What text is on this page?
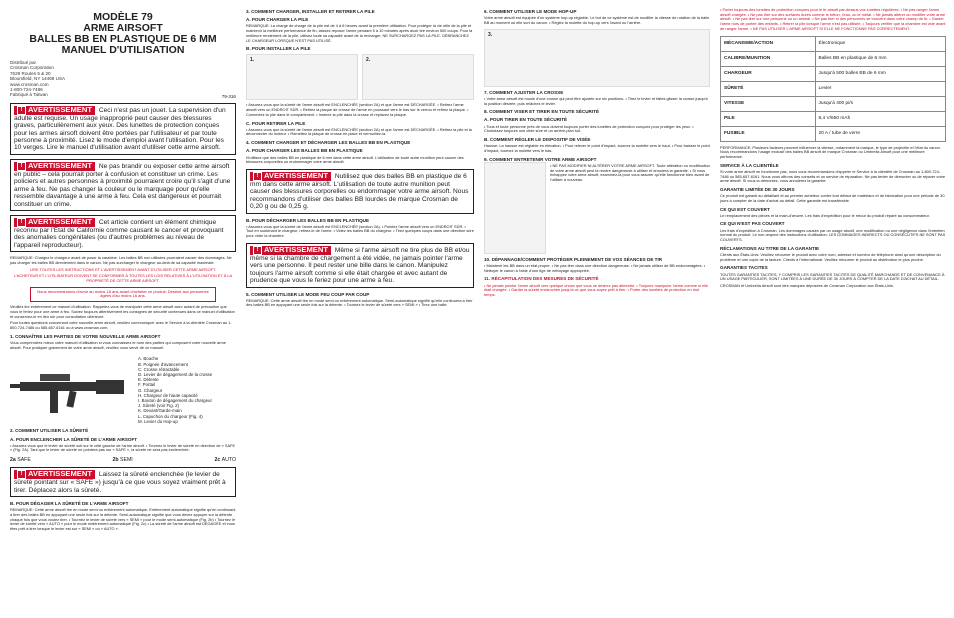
MODÈLE 79
ARME AIRSOFT
BALLES BB EN PLASTIQUE DE 6 MM
MANUEL D'UTILISATION
Distribué par
Crosman Corporation
7629 Routes 5 & 20
Bloomfield, NY 14469 USA
www.crosman.com
1-800-724-7486
Fabriqué à Taïwan	79-316
! AVERTISSEMENT Ceci n'est pas un jouet. La supervision d'un adulte est requise. Un usage inapproprié peut causer des blessures graves, particulièrement aux yeux. Des lunettes de protection conçues pour les armes airsoft doivent être portées par l'utilisateur et par toute personne à proximité. Lisez le mode d'emploi avant l'utilisation. Pour les 10 verges. Lire le manuel d'utilisation avant d'utiliser cette arme airsoft.
! AVERTISSEMENT Ne pas brandir ou exposer cette arme airsoft en public – cela pourrait porter à confusion et constituer un crime. Les policiers et autres personnes à proximité pourraient croire qu'il s'agit d'une arme à feu. Ne pas changer la couleur ou le marquage pour qu'elle ressemble davantage à une arme à feu. Cela est dangereux et pourrait constituer un crime.
! AVERTISSEMENT Cet article contient un élément chimique reconnu par l'État de Californie comme causant le cancer et provoquant des anomalies congénitales (ou d'autres problèmes au niveau de l'appareil reproducteur).
REMARQUE: Chargez le chargeur avant de poser la carabine. Les balles BB non utilisées pourraient causer des dommages. Ne pas charger les balles BB directement dans le canon. Ne pas surcharger le chargeur au-delà de sa capacité maximale.
LIRE TOUTES LES INSTRUCTIONS ET L'AVERTISSEMENT AVANT D'UTILISER CETTE ARME AIRSOFT.
L'ACHETEUR ET L'UTILISATEUR DOIVENT SE CONFORMER À TOUTES LES LOIS RELATIVES À L'UTILISATION ET À LA PROPRIÉTÉ DE CETTE ARME AIRSOFT.
Nous recommandons d'avoir au moins 18 ans avant d'acheter ce produit. Destiné aux personnes âgées d'au moins 16 ans.
Veuillez lire entièrement ce manuel d'utilisation. Rappelez-vous de manipuler cette arme airsoft avec autant de précaution que vous le feriez pour une arme à feu. Suivez toujours attentivement les consignes de sécurité contenues dans ce manuel d'utilisation et conservez-le en lieu sûr pour consultation ultérieure.
Pour toutes questions concernant votre nouvelle arme airsoft, veuillez communiquer avec le Service à la clientèle Crosman au 1-800-724-7486 ou 585-657-6161 ou à www.crosman.com.
1. CONNAÎTRE LES PARTIES DE VOTRE NOUVELLE ARME AIRSOFT
Vous comprendrez mieux votre manuel d'utilisation si vous connaissez le nom des parties qui composent votre nouvelle arme airsoft. Pour pratiquer gravement de votre arme airsoft, veuillez vous servir de ce manuel.
A. Bouche
B. Poignée d'avancement
C. Crosse rétractable
D. Levier de dégagement de la crosse
E. Détente
F. Portail
G. Chargeur
H. Chargeur de haute capacité
I. Bouton de dégagement du chargeur
J. Sûreté (voir Fig. 2)
K. Devant/Garde-main
L. Capuchon du chargeur (Fig. 4)
M. Levier du Hop-up
2. COMMENT UTILISER LA SÛRETÉ
A. POUR ENCLENCHER LA SÛRETÉ DE L'ARME AIRSOFT
• Assurez-vous que le levier de sûreté soit sur le côté gauche de l'arme airsoft. • Tournez le levier de sûreté en direction de « SAFE » (Fig. 2A). Tant que le levier de sûreté ne pointera pas sur « SAFE », la sûreté ne sera pas enclenchée.
2a SAFE	2b SEMI	2c AUTO
! AVERTISSEMENT Laissez la sûreté enclenchée (le levier de sûreté pointant sur « SAFE ») jusqu'à ce que vous soyez vraiment prêt à tirer. Déplacez alors la sûreté.
B. POUR DÉGAGER LA SÛRETÉ DE L'ARME AIRSOFT
REMARQUE: Cette arme airsoft tire en mode semi ou entièrement automatique. Entièrement automatique signifie qu'en continuant à tirer des balles BB en appuyant une seule fois sur la détente. Semi-automatique signifie que vous devez appuyer sur la détente chaque fois que vous voulez tirer. • Tournez le levier de sûreté vers « SEMI » pour le mode semi-automatique (Fig. 2b) • Tournez le levier de sûreté vers « AUTO » pour le mode entièrement automatique (Fig. 2c) • La sûreté de l'arme airsoft est DÉGAGÉE et vous êtes prêt à tirer lorsque le levier est sur « SEMI » ou « AUTO ».
3. COMMENT CHARGER, INSTALLER ET RETIRER LA PILE
A. POUR CHARGER LA PILE
REMARQUE: La charge de charge de la pile est de 4 à 6 heures avant la première utilisation. Pour protéger la vie utile de la pile et maintenir la meilleure performance de fin, laissez reposer l'arme pendant 5 à 10 minutes après avoir tiré environ 500 coups. Pour la meilleure rendement de la pile, utilisez toute sa capacité avant de la recharger. NE SURCHARGEZ PAS LA PILE. DÉBRANCHEZ LE CHARGEUR LORSQUE N'EST PAS UTILISÉ.
B. POUR INSTALLER LA PILE
1.	2.
• Assurez-vous que la sûreté de l'arme airsoft est ENCLENCHÉE (section 2A) et que l'arme est DÉCHARGÉE. • Retirez l'arme airsoft vers un ENDROIT SÛR. • Retirez la plaque de crosse de l'arme en poussant vers le bas sur le verrou et retirez la plaque. • Connectez la pile dans le compartiment. • Insérez la pile dans la crosse et replacez la plaque.
C. POUR RETIRER LA PILE
• Assurez-vous que la sûreté de l'arme airsoft est ENCLENCHÉE (section 2A) et que l'arme est DÉCHARGÉE. • Retirez la pile et la déconnecter du moteur. • Remettez la plaque de crosse en place et verrouillez-la.
4. COMMENT CHARGER ET DÉCHARGER LES BALLES BB EN PLASTIQUE
A. POUR CHARGER LES BALLES BB EN PLASTIQUE
N'utilisez que des balles BB en plastique de 6 mm dans cette arme airsoft. L'utilisation de toute autre munition peut causer des blessures corporelles ou endommager votre arme airsoft.
! AVERTISSEMENT Nutilisez que des balles BB en plastique de 6 mm dans cette arme airsoft. L'utilisation de toute autre munition peut causer des blessures corporelles ou endommager votre arme airsoft. Nous recommandons d'utiliser des balles BB lourdes de marque Crosman de 0,20 g ou de 0,25 g.
B. POUR DÉCHARGER LES BALLES BB EN PLASTIQUE
• Assurez-vous que la sûreté de l'arme airsoft est ENCLENCHÉE (section 2A). • Pointez l'arme airsoft vers un ENDROIT SÛR. • Tout en soutenant le chargeur, retirez-le de l'arme. • Videz les balles BB du chargeur. • Tirez quelques coups dans une direction sûre pour vider la chambre.
! AVERTISSEMENT Même si l'arme airsoft ne tire plus de BB et/ou même si la chambre de chargement a été vidée, ne jamais pointer l'arme vers une personne. Il peut rester une bille dans le canon. Manipulez toujours l'arme airsoft comme si elle était chargée et avec autant de prudence que vous le feriez pour une arme à feu.
5. COMMENT UTILISER LE MODE FEU COUP PAR COUP
REMARQUE: Cette arme airsoft tire en mode semi ou entièrement automatique. Semi-automatique signifie qu'elle continuera à tirer des balles BB en appuyant une seule fois sur la détente. • Tournez le levier de sûreté vers « SEMI » • Tirez une balle.
6. COMMENT UTILISER LE MODE HOP-UP
Votre arme airsoft est équipée d'un système hop-up réglable. Le but de ce système est de modifier la vitesse de rotation de la balle BB au moment où elle sort du canon. • Réglez la molette du hop-up vers l'avant ou l'arrière.
3.
7. COMMENT AJUSTER LA CROSSE
• Votre arme airsoft est munie d'une crosse qui peut être ajustée sur six positions. • Tirez le levier et faites glisser la crosse jusqu'à la position désirée, puis relâchez le levier.
8. COMMENT VISER ET TIRER EN TOUTE SÉCURITÉ
A. POUR TIRER EN TOUTE SÉCURITÉ
• Tous et toute personne près de vous doivent toujours porter des lunettes de protection conçues pour protéger les yeux. • Choisissez toujours une cible sûre et un arrière-plan sûr.
B. COMMENT RÉGLER LE DISPOSITIF DE VISÉE
Hausse: La hausse est réglable en élévation. • Pour relever le point d'impact, tournez la molette vers le haut. • Pour baisser le point d'impact, tournez la molette vers le bas.
9. COMMENT ENTRETENIR VOTRE ARME AIRSOFT
• NE PAS MODIFIER NI ALTÉRER VOTRE ARME AIRSOFT. Toute altération ou modification de votre arme airsoft peut la rendre dangereuse à utiliser et annulera la garantie. • Si vous échappez votre arme airsoft, examinez-la pour vous assurer qu'elle fonctionne bien avant de l'utiliser à nouveau.
10. DÉPANNAGE/COMMENT PROTÉGER PLEINEMENT DE VOS SÉANCES DE TIR
• Maintenir les BB dans un état propre. • Ne pas tirer dans une direction dangereuse. • Ne jamais utiliser de BB endommagées. • Nettoyer le canon à l'aide d'une tige de nettoyage appropriée.
11. RÉCAPITULATION DES MESURES DE SÉCURITÉ
• Ne jamais pointer l'arme airsoft vers quelque chose que vous ne désirez pas atteindre. • Toujours manipuler l'arme comme si elle était chargée. • Garder la sûreté enclenchée jusqu'à ce que vous soyez prêt à tirer. • Porter des lunettes de protection en tout temps.
• Porter toujours des lunettes de protection conçues pour le tir airsoft par-dessus vos lunettes régulières. • Ne pas ranger l'arme airsoft chargée. • Ne pas tirer sur des surfaces dures comme le béton, l'eau, ou le métal. • Ne jamais altérer ou modifier votre arme airsoft. • Ne pas tirer sur une personne ou un animal. • Ne pas tirer si des personnes se trouvent dans votre champ de tir. • Garder l'arme hors de portée des enfants. • Retirer la pile lorsque l'arme n'est pas utilisée. • Toujours vérifier que la chambre est vide avant de ranger l'arme. • NE PAS UTILISER L'ARME AIRSOFT SI ELLE NE FONCTIONNE PAS CORRECTEMENT.
MÉCANISME/ACTION	Électronique
CALIBRE/MUNITION	Balles BB en plastique de 6 mm
CHARGEUR	Jusqu'à 500 balles BB de 6 mm
SÛRETÉ	Levier
VITESSE	Jusqu'à 400 pi/s
PILE	8,4 V/650 mAh
FUSIBLE	20 A / tube de verre
PERFORMANCE: Plusieurs facteurs peuvent influencer la vitesse, notamment la marque, le type de projectile et l'état du canon. Nous recommandons l'usage exclusif des balles BB airsoft de marque Crosman ou Umbrella Airsoft pour une meilleure performance.
SERVICE À LA CLIENTÈLE
Si votre arme airsoft ne fonctionne pas, nous vous recommandons d'appeler le Service à la clientèle de Crosman au 1-800-724-7486 ou 585-657-6161. Nous vous offrons des conseils et un service de réparation. Ne pas tenter de démonter ou de réparer votre arme airsoft. Si vous la démontez, vous annulerez la garantie.
GARANTIE LIMITÉE DE 30 JOURS
Ce produit est garanti au détaillant et au premier acheteur contre tout défaut de matériaux et de fabrication pour une période de 30 jours à compter de la date d'achat au détail. Cette garantie est transférable.
CE QUI EST COUVERT
Le remplacement des pièces et la main-d'œuvre. Les frais d'expédition pour le retour du produit réparé au consommateur.
CE QUI N'EST PAS COUVERT
Les frais d'expédition à Crosman. Les dommages causés par un usage abusif, une modification ou une négligence dans l'entretien normal du produit. Le non-respect des instructions d'utilisation. LES DOMMAGES INDIRECTS OU CONSÉCUTIFS NE SONT PAS COUVERTS.
RÉCLAMATIONS AU TITRE DE LA GARANTIE
Clients aux États-Unis: Veuillez retourner le produit avec votre nom, adresse et numéro de téléphone ainsi qu'une description du problème et une copie de la facture. Clients à l'international: Veuillez retourner le produit au distributeur le plus proche.
GARANTIES TACITES
TOUTES GARANTIES TACITES, Y COMPRIS LES GARANTIES TACITES DE QUALITÉ MARCHANDE ET DE CONVENANCE À UN USAGE PARTICULIER, SONT LIMITÉES À UNE DURÉE DE 30 JOURS À COMPTER DE LA DATE D'ACHAT AU DÉTAIL.
CROSMAN et Umbrella Airsoft sont des marques déposées de Crosman Corporation aux États-Unis.
